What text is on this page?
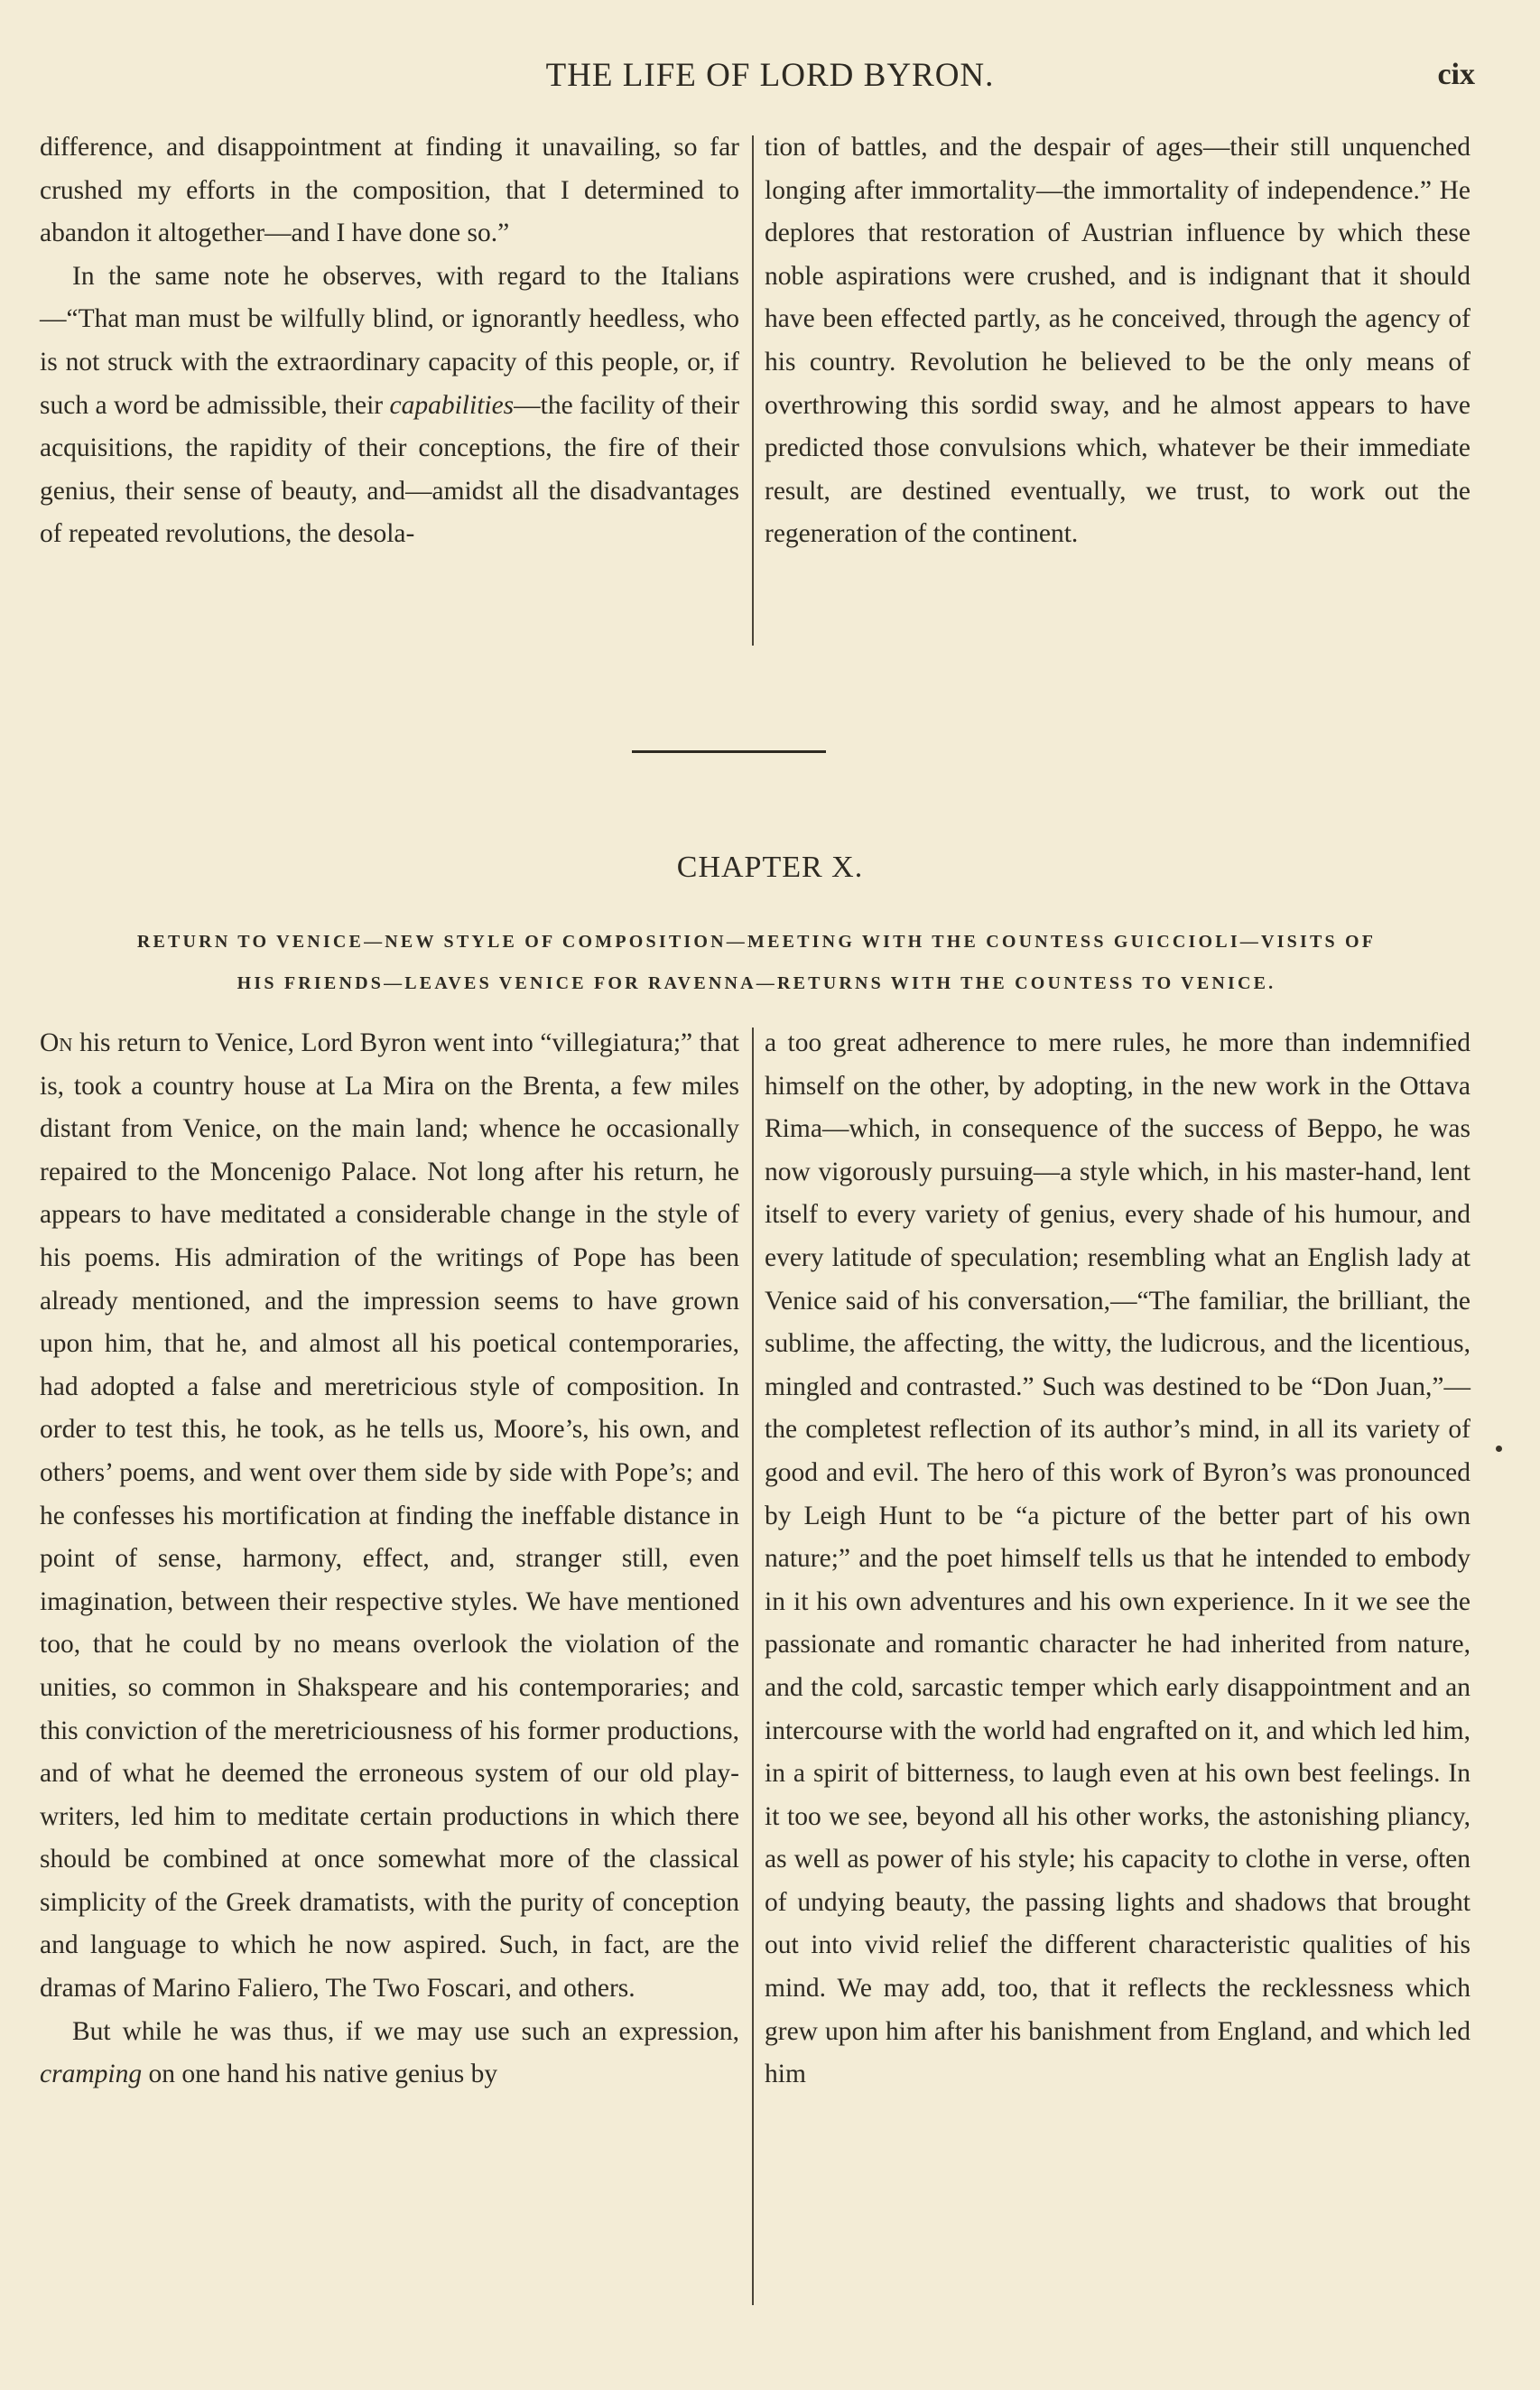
THE LIFE OF LORD BYRON.	cix

difference, and disappointment at finding it unavailing, so far crushed my efforts in the composition, that I determined to abandon it altogether—and I have done so.”

In the same note he observes, with regard to the Italians—“That man must be wilfully blind, or ignorantly heedless, who is not struck with the extraordinary capacity of this people, or, if such a word be admissible, their capabilities—the facility of their acquisitions, the rapidity of their conceptions, the fire of their genius, their sense of beauty, and—amidst all the disadvantages of repeated revolutions, the desola-

tion of battles, and the despair of ages—their still unquenched longing after immortality—the immortality of independence.” He deplores that restoration of Austrian influence by which these noble aspirations were crushed, and is indignant that it should have been effected partly, as he conceived, through the agency of his country. Revolution he believed to be the only means of overthrowing this sordid sway, and he almost appears to have predicted those convulsions which, whatever be their immediate result, are destined eventually, we trust, to work out the regeneration of the continent.

CHAPTER X.
RETURN TO VENICE—NEW STYLE OF COMPOSITION—MEETING WITH THE COUNTESS GUICCIOLI—VISITS OF
HIS FRIENDS—LEAVES VENICE FOR RAVENNA—RETURNS WITH THE COUNTESS TO VENICE.

On his return to Venice, Lord Byron went into “villegiatura;” that is, took a country house at La Mira on the Brenta, a few miles distant from Venice, on the main land; whence he occasionally repaired to the Moncenigo Palace. Not long after his return, he appears to have meditated a considerable change in the style of his poems. His admiration of the writings of Pope has been already mentioned, and the impression seems to have grown upon him, that he, and almost all his poetical contemporaries, had adopted a false and meretricious style of composition. In order to test this, he took, as he tells us, Moore’s, his own, and others’ poems, and went over them side by side with Pope’s; and he confesses his mortification at finding the ineffable distance in point of sense, harmony, effect, and, stranger still, even imagination, between their respective styles. We have mentioned too, that he could by no means overlook the violation of the unities, so common in Shakspeare and his contemporaries; and this conviction of the meretriciousness of his former productions, and of what he deemed the erroneous system of our old play-writers, led him to meditate certain productions in which there should be combined at once somewhat more of the classical simplicity of the Greek dramatists, with the purity of conception and language to which he now aspired. Such, in fact, are the dramas of Marino Faliero, The Two Foscari, and others.

But while he was thus, if we may use such an expression, cramping on one hand his native genius by

a too great adherence to mere rules, he more than indemnified himself on the other, by adopting, in the new work in the Ottava Rima—which, in consequence of the success of Beppo, he was now vigorously pursuing—a style which, in his master-hand, lent itself to every variety of genius, every shade of his humour, and every latitude of speculation; resembling what an English lady at Venice said of his conversation,—“The familiar, the brilliant, the sublime, the affecting, the witty, the ludicrous, and the licentious, mingled and contrasted.” Such was destined to be “Don Juan,”—the completest reflection of its author’s mind, in all its variety of good and evil. The hero of this work of Byron’s was pronounced by Leigh Hunt to be “a picture of the better part of his own nature;” and the poet himself tells us that he intended to embody in it his own adventures and his own experience. In it we see the passionate and romantic character he had inherited from nature, and the cold, sarcastic temper which early disappointment and an intercourse with the world had engrafted on it, and which led him, in a spirit of bitterness, to laugh even at his own best feelings. In it too we see, beyond all his other works, the astonishing pliancy, as well as power of his style; his capacity to clothe in verse, often of undying beauty, the passing lights and shadows that brought out into vivid relief the different characteristic qualities of his mind. We may add, too, that it reflects the recklessness which grew upon him after his banishment from England, and which led him
